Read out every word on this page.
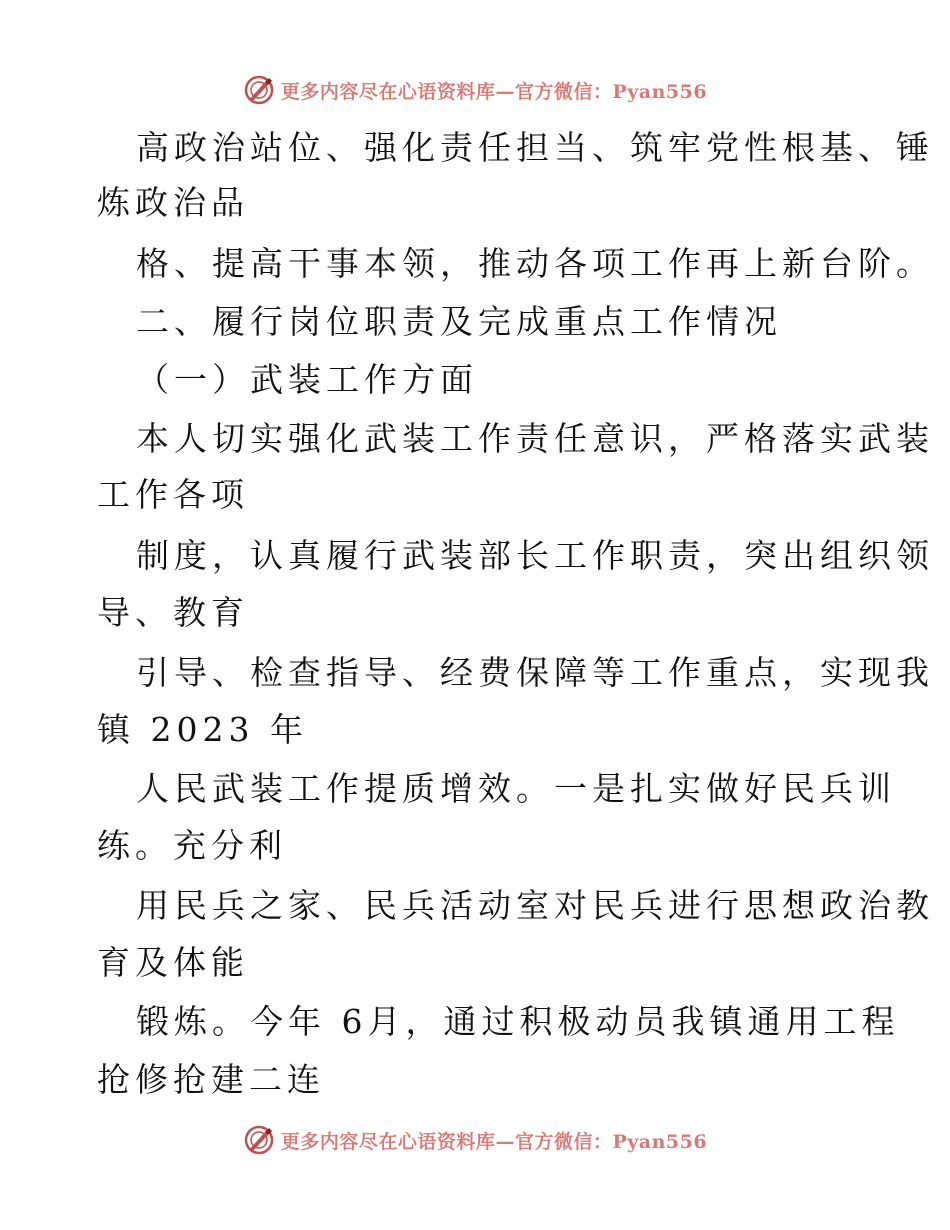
更多内容尽在心语资料库—官方微信：Pyan556
高政治站位、强化责任担当、筑牢党性根基、锤
炼政治品
格、提高干事本领，推动各项工作再上新台阶。
二、履行岗位职责及完成重点工作情况
（一）武装工作方面
本人切实强化武装工作责任意识，严格落实武装
工作各项
制度，认真履行武装部长工作职责，突出组织领
导、教育
引导、检查指导、经费保障等工作重点，实现我
镇 2023 年
人民武装工作提质增效。一是扎实做好民兵训
练。充分利
用民兵之家、民兵活动室对民兵进行思想政治教
育及体能
锻炼。今年 6月，通过积极动员我镇通用工程
抢修抢建二连
更多内容尽在心语资料库—官方微信：Pyan556
